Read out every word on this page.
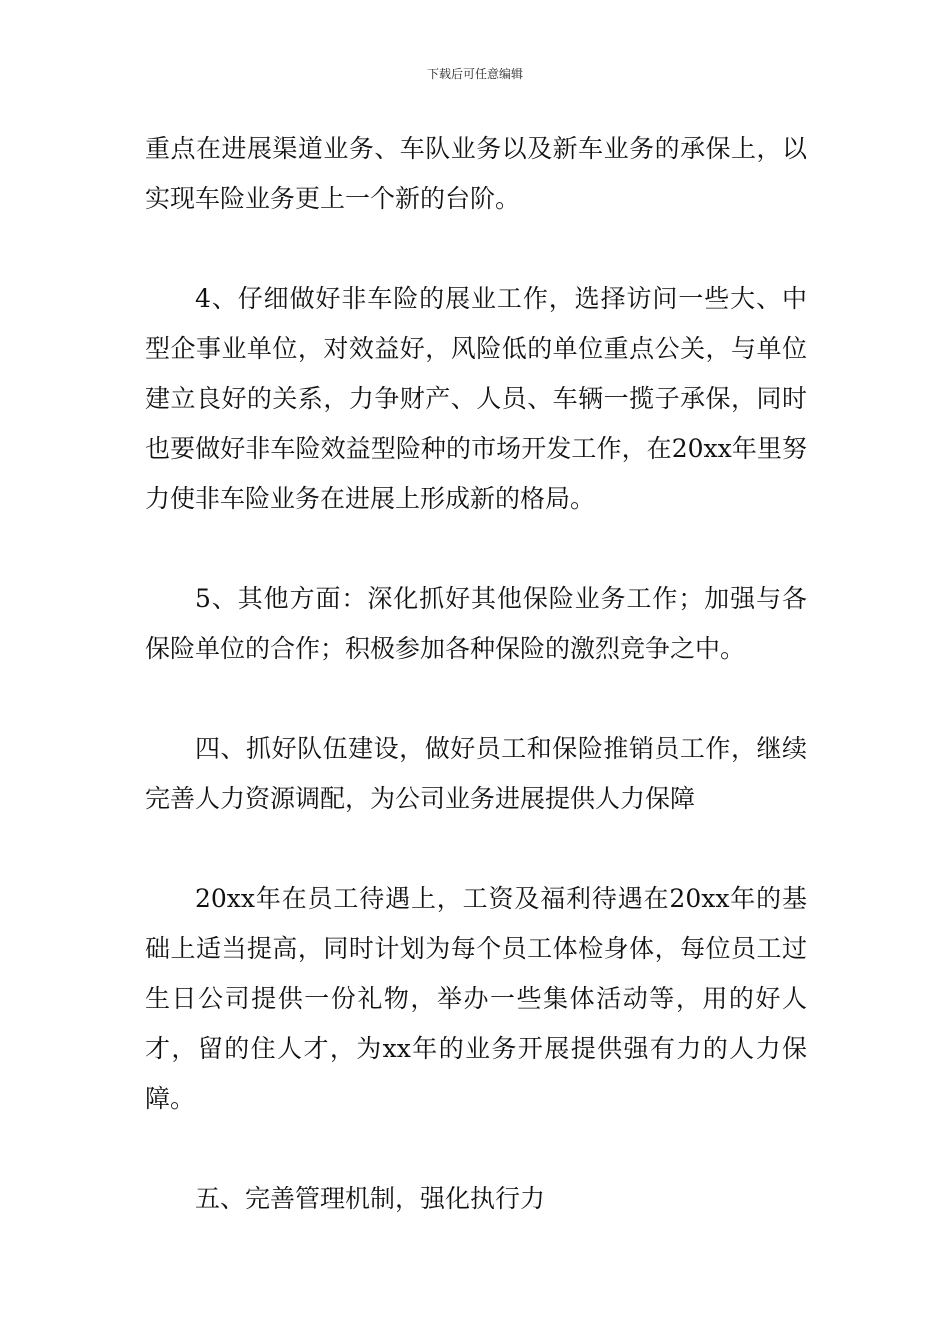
下载后可任意编辑

重点在进展渠道业务、车队业务以及新车业务的承保上，以实现车险业务更上一个新的台阶。

4、仔细做好非车险的展业工作，选择访问一些大、中型企事业单位，对效益好，风险低的单位重点公关，与单位建立良好的关系，力争财产、人员、车辆一揽子承保，同时也要做好非车险效益型险种的市场开发工作，在20xx年里努力使非车险业务在进展上形成新的格局。

5、其他方面：深化抓好其他保险业务工作；加强与各保险单位的合作；积极参加各种保险的激烈竞争之中。

四、抓好队伍建设，做好员工和保险推销员工作，继续完善人力资源调配，为公司业务进展提供人力保障

20xx年在员工待遇上，工资及福利待遇在20xx年的基础上适当提高，同时计划为每个员工体检身体，每位员工过生日公司提供一份礼物，举办一些集体活动等，用的好人才，留的住人才，为xx年的业务开展提供强有力的人力保障。

五、完善管理机制，强化执行力
